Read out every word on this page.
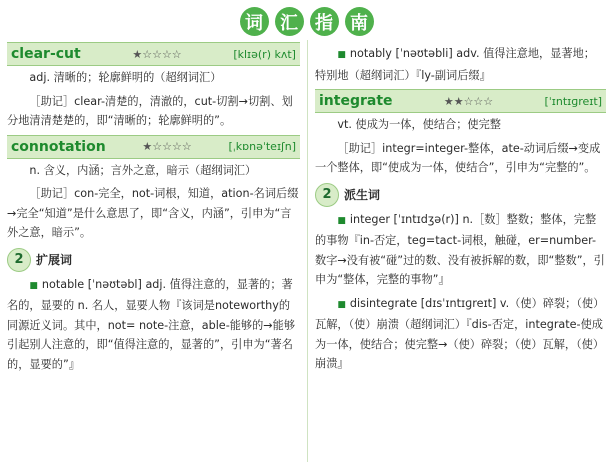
词 汇 指 南
clear-cut	★☆☆☆☆	[klɪə(r) kʌt]
adj. 清晰的；轮廓鲜明的（超纲词汇）
［助记］clear-清楚的，清澈的，cut-切割→切割、划分地清清楚楚的，即“清晰的；轮廓鲜明的”。
connotation	★☆☆☆☆	[ˌkɒnəˈteɪʃn]
n. 含义，内涵；言外之意，暗示（超纲词汇）
［助记］con-完全，not-词根，知道，ation-名词后缀→完全“知道”是什么意思了，即“含义，内涵”，引申为“言外之意，暗示”。
2	扩展词
■ notable [ˈnəʊtəbl] adj. 值得注意的，显著的；著名的，显要的 n. 名人，显要人物『该词是noteworthy的同源近义词。其中，not= note-注意，able-能够的→能够引起别人注意的，即“值得注意的，显著的”，引申为“著名的，显要的”』
■ notably [ˈnəʊtəbli] adv. 值得注意地，显著地；特别地（超纲词汇）『ly-副词后缀』
integrate	★★☆☆☆	[ˈɪntɪɡreɪt]
vt. 使成为一体，使结合；使完整
［助记］integr=integer-整体，ate-动词后缀→变成一个整体，即“使成为一体，使结合”，引申为“完整的”。
2	派生词
■ integer [ˈɪntɪdʒə(r)] n.［数］整数；整体，完整的事物『in-否定，teg=tact-词根，触碰，er=number-数字→没有被“碰”过的数、没有被拆解的数，即“整数”，引申为“整体，完整的事物”』
■ disintegrate [dɪsˈɪntɪɡreɪt] v.（使）碎裂；（使）瓦解，（使）崩溃（超纲词汇）『dis-否定，integrate-使成为一体，使结合；使完整→（使）碎裂；（使）瓦解，（使）崩溃』
